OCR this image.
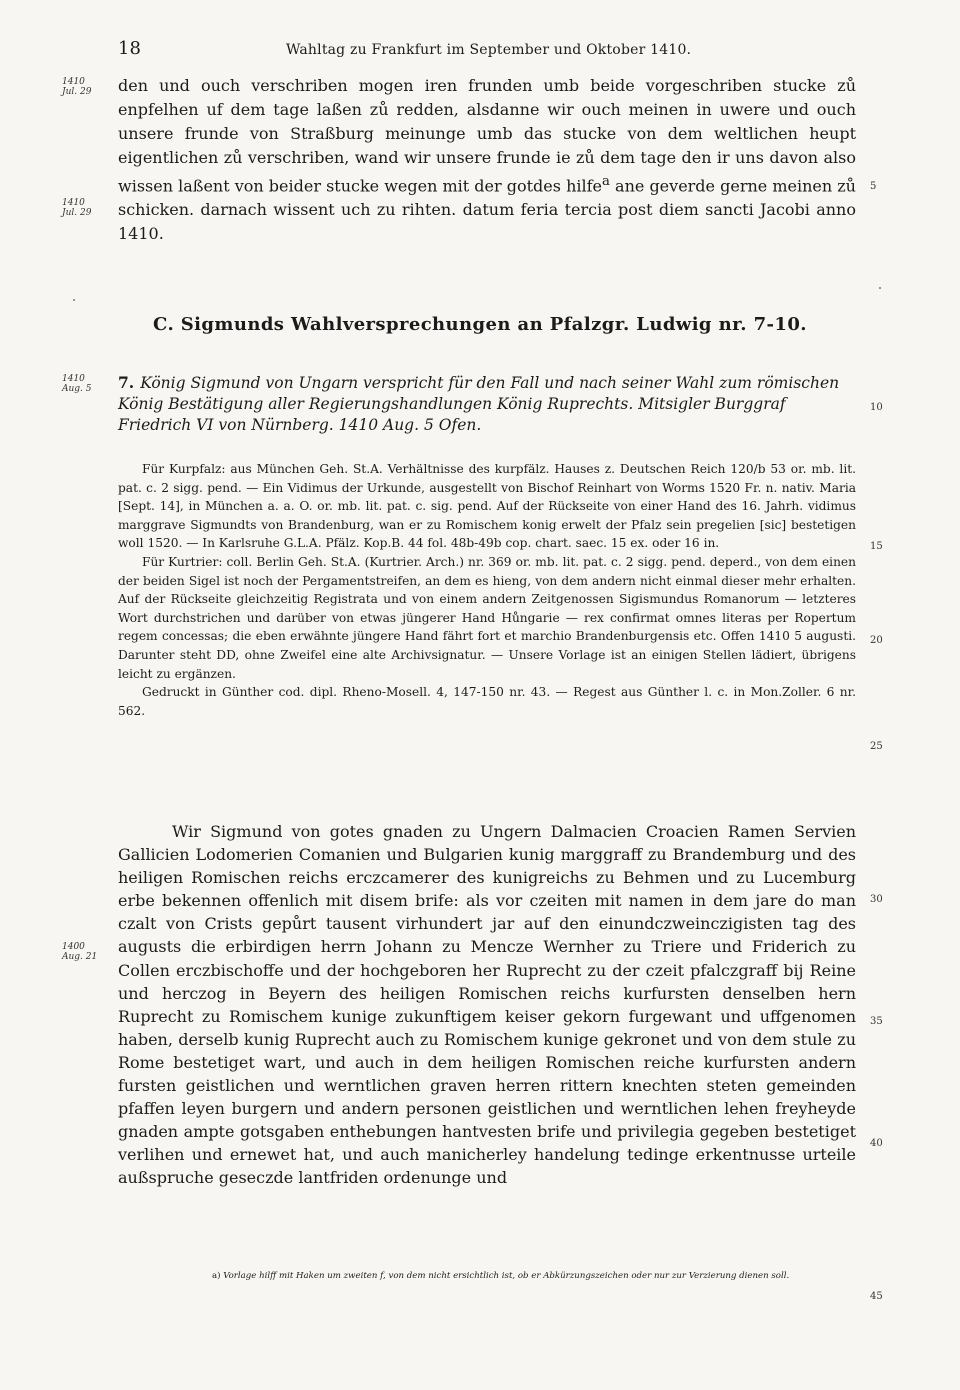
18	Wahltag zu Frankfurt im September und Oktober 1410.
1410
Jul. 29
1410
Jul. 29
1410
Aug. 5
1400
Aug. 21
5
10
15
20
25
30
35
40
45

den und ouch verschriben mogen iren frunden umb beide vorgeschriben stucke zů enpfelhen uf dem tage laßen zů redden, alsdanne wir ouch meinen in uwere und ouch unsere frunde von Straßburg meinunge umb das stucke von dem weltlichen heupt eigentlichen zů verschriben, wand wir unsere frunde ie zů dem tage den ir uns davon also wissen laßent von beider stucke wegen mit der gotdes hilfe$^a$ ane geverde gerne meinen zů schicken. darnach wissent uch zu rihten. datum feria tercia post diem sancti Jacobi anno 1410.

C. Sigmunds Wahlversprechungen an Pfalzgr. Ludwig nr. 7-10.
7. König Sigmund von Ungarn verspricht für den Fall und nach seiner Wahl zum römischen König Bestätigung aller Regierungshandlungen König Ruprechts. Mitsigler Burggraf Friedrich VI von Nürnberg. 1410 Aug. 5 Ofen.

Für Kurpfalz: aus München Geh. St.A. Verhältnisse des kurpfälz. Hauses z. Deutschen Reich 120/b 53 or. mb. lit. pat. c. 2 sigg. pend. — Ein Vidimus der Urkunde, ausgestellt von Bischof Reinhart von Worms 1520 Fr. n. nativ. Maria [Sept. 14], in München a. a. O. or. mb. lit. pat. c. sig. pend. Auf der Rückseite von einer Hand des 16. Jahrh. vidimus marggrave Sigmundts von Brandenburg, wan er zu Romischem konig erwelt der Pfalz sein pregelien [sic] bestetigen woll 1520. — In Karlsruhe G.L.A. Pfälz. Kop.B. 44 fol. 48b-49b cop. chart. saec. 15 ex. oder 16 in.

Für Kurtrier: coll. Berlin Geh. St.A. (Kurtrier. Arch.) nr. 369 or. mb. lit. pat. c. 2 sigg. pend. deperd., von dem einen der beiden Sigel ist noch der Pergamentstreifen, an dem es hieng, von dem andern nicht einmal dieser mehr erhalten. Auf der Rückseite gleichzeitig Registrata und von einem andern Zeitgenossen Sigismundus Romanorum — letzteres Wort durchstrichen und darüber von etwas jüngerer Hand Hůngarie — rex confirmat omnes literas per Ropertum regem concessas; die eben erwähnte jüngere Hand fährt fort et marchio Brandenburgensis etc. Offen 1410 5 augusti. Darunter steht DD, ohne Zweifel eine alte Archivsignatur. — Unsere Vorlage ist an einigen Stellen lädiert, übrigens leicht zu ergänzen.

Gedruckt in Günther cod. dipl. Rheno-Mosell. 4, 147-150 nr. 43. — Regest aus Günther l. c. in Mon.Zoller. 6 nr. 562.

Wir Sigmund von gotes gnaden zu Ungern Dalmacien Croacien Ramen Servien Gallicien Lodomerien Comanien und Bulgarien kunig marggraff zu Brandemburg und des heiligen Romischen reichs erczcamerer des kunigreichs zu Behmen und zu Lucemburg erbe bekennen offenlich mit disem brife: als vor czeiten mit namen in dem jare do man czalt von Crists gepůrt tausent virhundert jar auf den einundczweinczigisten tag des augusts die erbirdigen herrn Johann zu Mencze Wernher zu Triere und Friderich zu Collen erczbischoffe und der hochgeboren her Ruprecht zu der czeit pfalczgraff bij Reine und herczog in Beyern des heiligen Romischen reichs kurfursten denselben hern Ruprecht zu Romischem kunige zukunftigem keiser gekorn furgewant und uffgenomen haben, derselb kunig Ruprecht auch zu Romischem kunige gekronet und von dem stule zu Rome bestetiget wart, und auch in dem heiligen Romischen reiche kurfursten andern fursten geistlichen und werntlichen graven herren rittern knechten steten gemeinden pfaffen leyen burgern und andern personen geistlichen und werntlichen lehen freyheyde gnaden ampte gotsgaben enthebungen hantvesten brife und privilegia gegeben bestetiget verlihen und ernewet hat, und auch manicherley handelung tedinge erkentnusse urteile außspruche geseczde lantfriden ordenunge und

a) Vorlage hilff mit Haken um zweiten f, von dem nicht ersichtlich ist, ob er Abkürzungszeichen oder nur zur Verzierung dienen soll.
